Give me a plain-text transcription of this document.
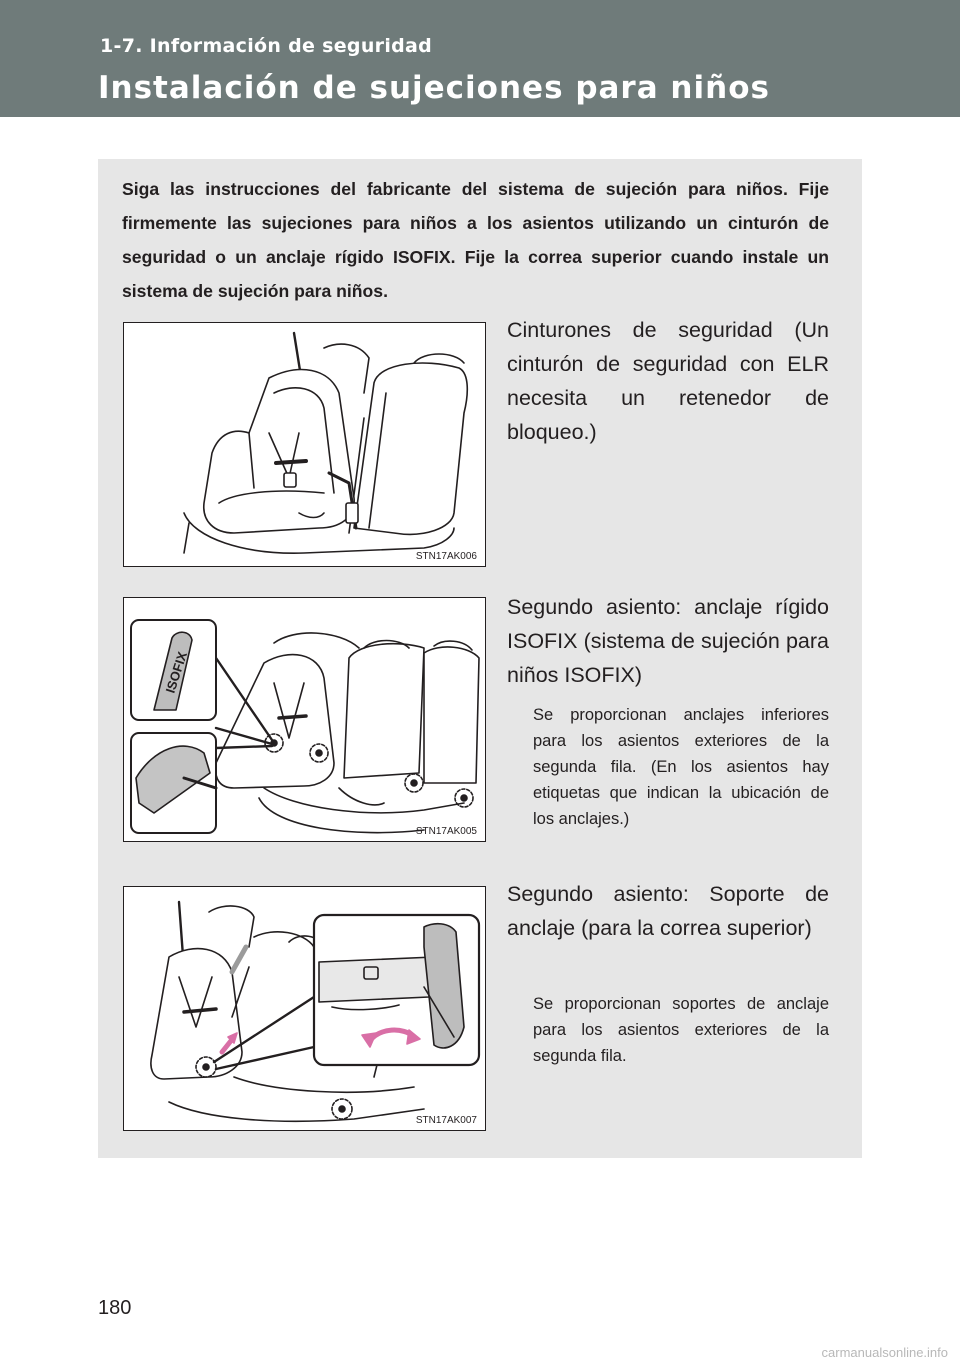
1-7. Información de seguridad
Instalación de sujeciones para niños

Siga las instrucciones del fabricante del sistema de sujeción para niños. Fije firmemente las sujeciones para niños a los asientos utilizando un cinturón de seguridad o un anclaje rígido ISOFIX. Fije la correa superior cuando instale un sistema de sujeción para niños.

STN17AK006
ISOFIX
STN17AK005
STN17AK007

Cinturones de seguridad (Un cinturón de seguridad con ELR necesita un retenedor de bloqueo.)

Segundo asiento: anclaje rígido ISOFIX (sistema de sujeción para niños ISOFIX)

Se proporcionan anclajes inferiores para los asientos exteriores de la segunda fila. (En los asientos hay etiquetas que indican la ubicación de los anclajes.)

Segundo asiento: Soporte de anclaje (para la correa superior)

Se proporcionan soportes de anclaje para los asientos exteriores de la segunda fila.

180
carmanualsonline.info
